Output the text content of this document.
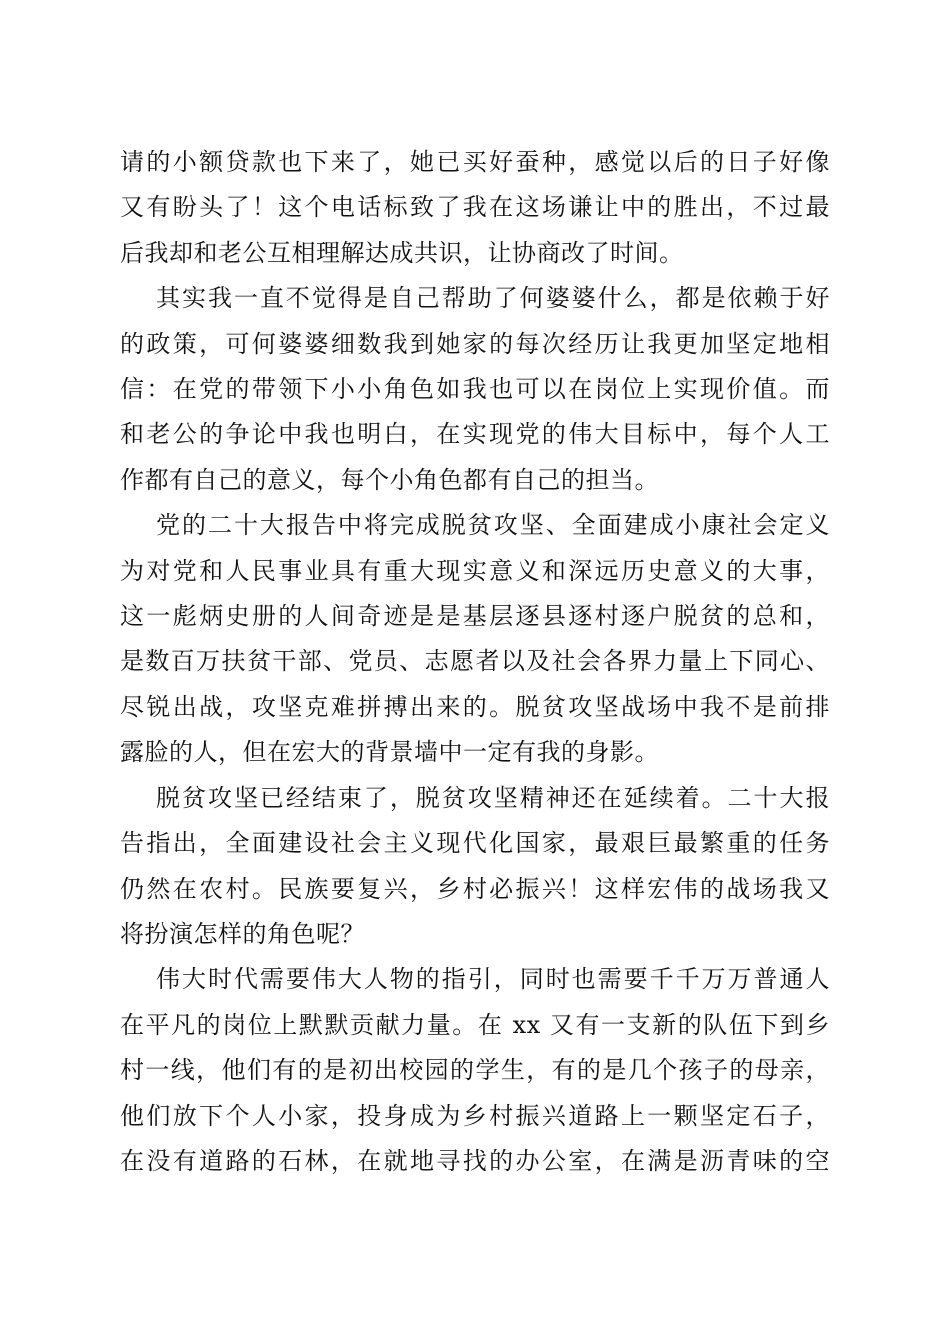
请的小额贷款也下来了，她已买好蚕种，感觉以后的日子好像
又有盼头了！这个电话标致了我在这场谦让中的胜出，不过最
后我却和老公互相理解达成共识，让协商改了时间。
其实我一直不觉得是自己帮助了何婆婆什么，都是依赖于好
的政策，可何婆婆细数我到她家的每次经历让我更加坚定地相
信：在党的带领下小小角色如我也可以在岗位上实现价值。而
和老公的争论中我也明白，在实现党的伟大目标中，每个人工
作都有自己的意义，每个小角色都有自己的担当。
党的二十大报告中将完成脱贫攻坚、全面建成小康社会定义
为对党和人民事业具有重大现实意义和深远历史意义的大事，
这一彪炳史册的人间奇迹是是基层逐县逐村逐户脱贫的总和，
是数百万扶贫干部、党员、志愿者以及社会各界力量上下同心、
尽锐出战，攻坚克难拼搏出来的。脱贫攻坚战场中我不是前排
露脸的人，但在宏大的背景墙中一定有我的身影。
脱贫攻坚已经结束了，脱贫攻坚精神还在延续着。二十大报
告指出，全面建设社会主义现代化国家，最艰巨最繁重的任务
仍然在农村。民族要复兴，乡村必振兴！这样宏伟的战场我又
将扮演怎样的角色呢？
伟大时代需要伟大人物的指引，同时也需要千千万万普通人
在平凡的岗位上默默贡献力量。在 xx 又有一支新的队伍下到乡
村一线，他们有的是初出校园的学生，有的是几个孩子的母亲，
他们放下个人小家，投身成为乡村振兴道路上一颗坚定石子，
在没有道路的石林，在就地寻找的办公室，在满是沥青味的空
